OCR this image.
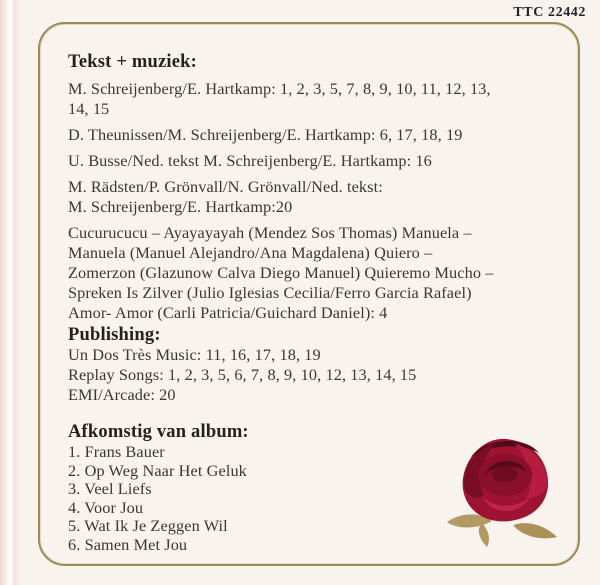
TTC 22442
Tekst + muziek:

M. Schreijenberg/E. Hartkamp: 1, 2, 3, 5, 7, 8, 9, 10, 11, 12, 13,
14, 15

D. Theunissen/M. Schreijenberg/E. Hartkamp: 6, 17, 18, 19

U. Busse/Ned. tekst M. Schreijenberg/E. Hartkamp: 16

M. Rädsten/P. Grönvall/N. Grönvall/Ned. tekst:
M. Schreijenberg/E. Hartkamp:20

Cucurucucu – Ayayayayah (Mendez Sos Thomas) Manuela –
Manuela (Manuel Alejandro/Ana Magdalena) Quiero –
Zomerzon (Glazunow Calva Diego Manuel) Quieremo Mucho –
Spreken Is Zilver (Julio Iglesias Cecilia/Ferro Garcia Rafael)
Amor- Amor (Carli Patricia/Guichard Daniel): 4

Publishing:
Un Dos Très Music: 11, 16, 17, 18, 19
Replay Songs: 1, 2, 3, 5, 6, 7, 8, 9, 10, 12, 13, 14, 15
EMI/Arcade: 20
Afkomstig van album:
1. Frans Bauer
2. Op Weg Naar Het Geluk
3. Veel Liefs
4. Voor Jou
5. Wat Ik Je Zeggen Wil
6. Samen Met Jou
